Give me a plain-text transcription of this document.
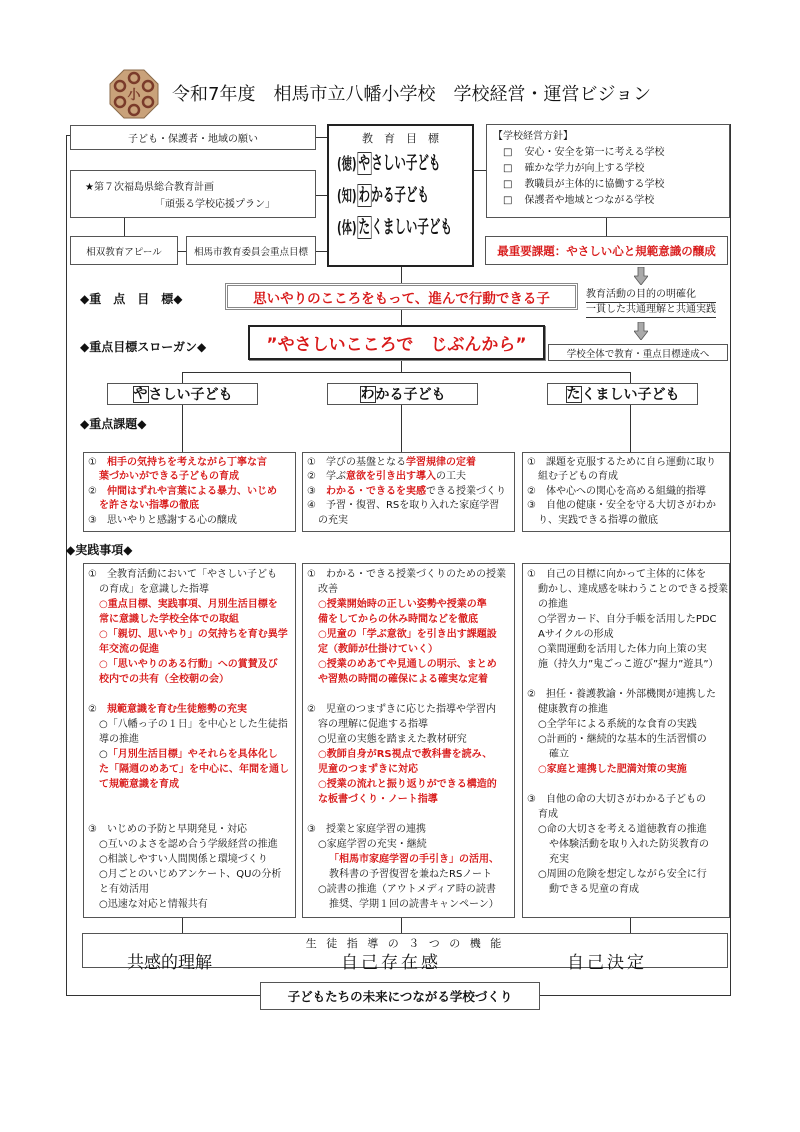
小 令和7年度　相馬市立八幡小学校　学校経営・運営ビジョン
子ども・保護者・地域の願い
★第７次福島県総合教育計画
「頑張る学校応援プラン」
相双教育アピール	相馬市教育委員会重点目標
教　育　目　標
(徳) やさしい子ども
(知) わかる子ども
(体) たくましい子ども
【学校経営方針】
□ 安心・安全を第一に考える学校
□ 確かな学力が向上する学校
□ 教職員が主体的に協働する学校
□ 保護者や地域とつながる学校
最重要課題：やさしい心と規範意識の醸成
◆重　点　目　標◆	思いやりのこころをもって、進んで行動できる子	教育活動の目的の明確化
一貫した共通理解と共通実践
◆重点目標スローガン◆	”やさしいこころで　じぶんから”	学校全体で教育・重点目標達成へ
や さしい子ども	わ かる子ども	た くましい子ども
◆重点課題◆
①　相手の気持ちを考えながら丁寧な言
葉づかいができる子どもの育成
②　仲間はずれや言葉による暴力、いじめ
を許さない指導の徹底
③　思いやりと感謝する心の醸成
①　学びの基盤となる学習規律の定着
②　学ぶ意欲を引き出す導入の工夫
③　わかる・できるを実感できる授業づくり
④　予習・復習、RSを取り入れた家庭学習
の充実
①　課題を克服するために自ら運動に取り
組む子どもの育成
②　体や心への関心を高める組織的指導
③　自他の健康・安全を守る大切さがわか
り、実践できる指導の徹底
◆実践事項◆
①　全教育活動において「やさしい子ども
の育成」を意識した指導
○重点目標、実践事項、月別生活目標を
常に意識した学校全体での取組
○「親切、思いやり」の気持ちを育む異学
年交流の促進
○「思いやりのある行動」への賞賛及び
校内での共有（全校朝の会）
②　規範意識を育む生徒態勢の充実
○「八幡っ子の１日」を中心とした生徒指
導の推進
○「月別生活目標」やそれらを具体化し
た「隔週のめあて」を中心に、年間を通し
て規範意識を育成
③　いじめの予防と早期発見・対応
○互いのよさを認め合う学級経営の推進
○相談しやすい人間関係と環境づくり
○月ごとのいじめアンケート、QUの分析
と有効活用
○迅速な対応と情報共有
①　わかる・できる授業づくりのための授業
改善
○授業開始時の正しい姿勢や授業の準
備をしてからの休み時間などを徹底
○児童の「学ぶ意欲」を引き出す課題設
定（教師が仕掛けていく）
○授業のめあてや見通しの明示、まとめ
や習熟の時間の確保による確実な定着
②　児童のつまずきに応じた指導や学習内
容の理解に促進する指導
○児童の実態を踏まえた教材研究
○教師自身がRS視点で教科書を読み、
児童のつまずきに対応
○授業の流れと振り返りができる構造的
な板書づくり・ノート指導
③　授業と家庭学習の連携
○家庭学習の充実・継続
「相馬市家庭学習の手引き」の活用、
教科書の予習復習を兼ねたRSノート
○読書の推進（アウトメディア時の読書
推奨、学期１回の読書キャンペーン）
①　自己の目標に向かって主体的に体を
動かし、達成感を味わうことのできる授業
の推進
○学習カード、自分手帳を活用したPDC
Aサイクルの形成
○業間運動を活用した体力向上策の実
施（持久力”鬼ごっこ遊び”握力”遊具”）
②　担任・養護教諭・外部機関が連携した
健康教育の推進
○全学年による系統的な食育の実践
○計画的・継続的な基本的生活習慣の
確立
○家庭と連携した肥満対策の実施
③　自他の命の大切さがわかる子どもの
育成
○命の大切さを考える道徳教育の推進
や体験活動を取り入れた防災教育の
充実
○周囲の危険を想定しながら安全に行
動できる児童の育成
生 徒 指 導 の ３ つ の 機 能
共感的理解	自己存在感	自己決定
子どもたちの未来につながる学校づくり
